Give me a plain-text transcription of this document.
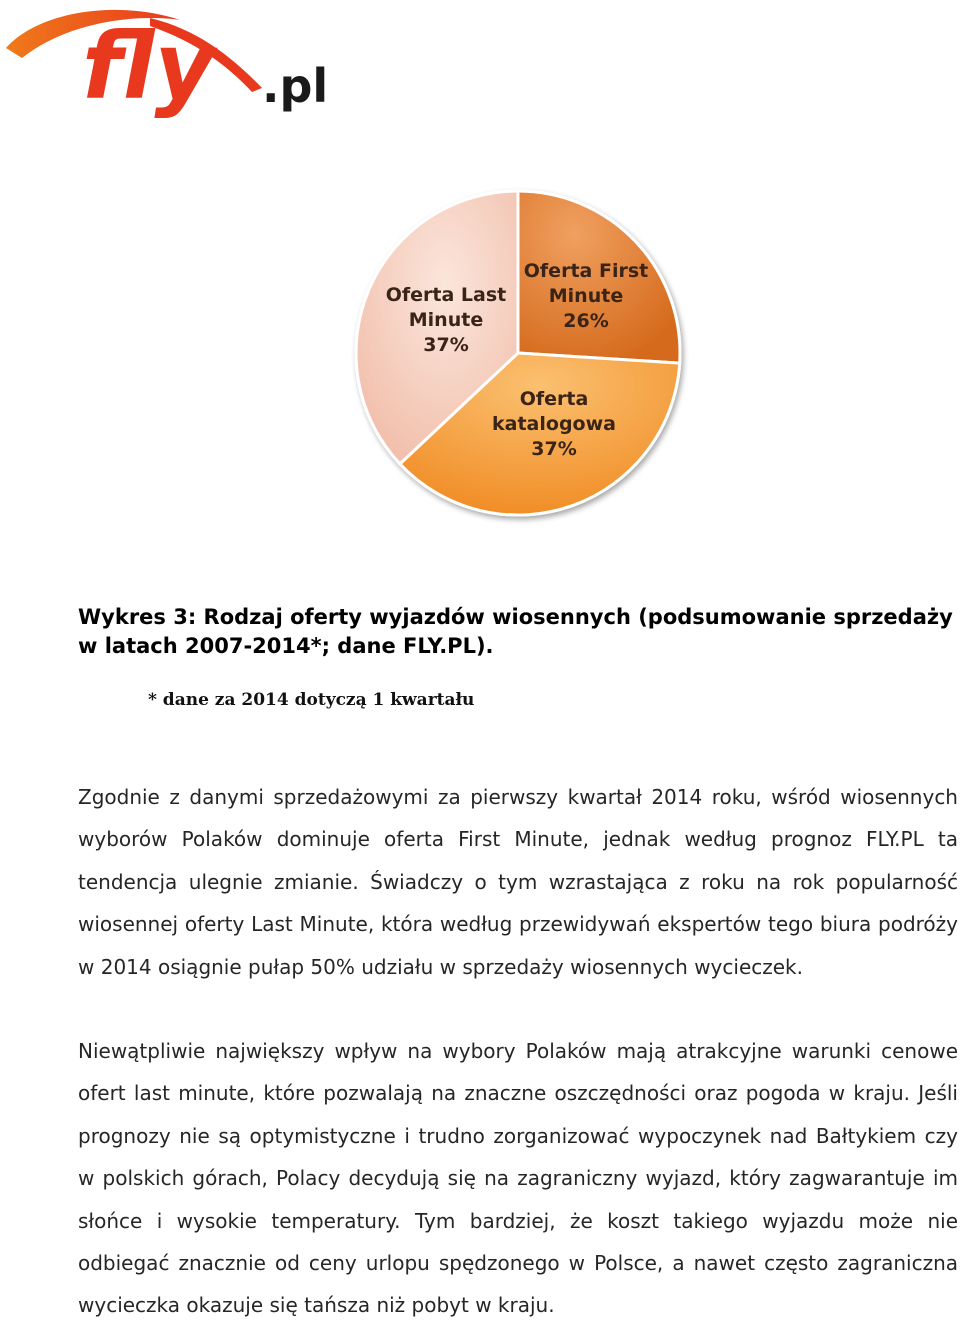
fly .pl
Oferta First
Minute
26%
Oferta
katalogowa
37%
Oferta Last
Minute
37%
Wykres 3: Rodzaj oferty wyjazdów wiosennych (podsumowanie sprzedaży w latach 2007-2014*; dane FLY.PL).
* dane za 2014 dotyczą 1 kwartału

Zgodnie z danymi sprzedażowymi za pierwszy kwartał 2014 roku, wśród wiosennych wyborów Polaków dominuje oferta First Minute, jednak według prognoz FLY.PL ta tendencja ulegnie zmianie. Świadczy o tym wzrastająca z roku na rok popularność wiosennej oferty Last Minute, która według przewidywań ekspertów tego biura podróży w 2014 osiągnie pułap 50% udziału w sprzedaży wiosennych wycieczek.

Niewątpliwie największy wpływ na wybory Polaków mają atrakcyjne warunki cenowe ofert last minute, które pozwalają na znaczne oszczędności oraz pogoda w kraju. Jeśli prognozy nie są optymistyczne i trudno zorganizować wypoczynek nad Bałtykiem czy w polskich górach, Polacy decydują się na zagraniczny wyjazd, który zagwarantuje im słońce i wysokie temperatury. Tym bardziej, że koszt takiego wyjazdu może nie odbiegać znacznie od ceny urlopu spędzonego w Polsce, a nawet często zagraniczna wycieczka okazuje się tańsza niż pobyt w kraju.
